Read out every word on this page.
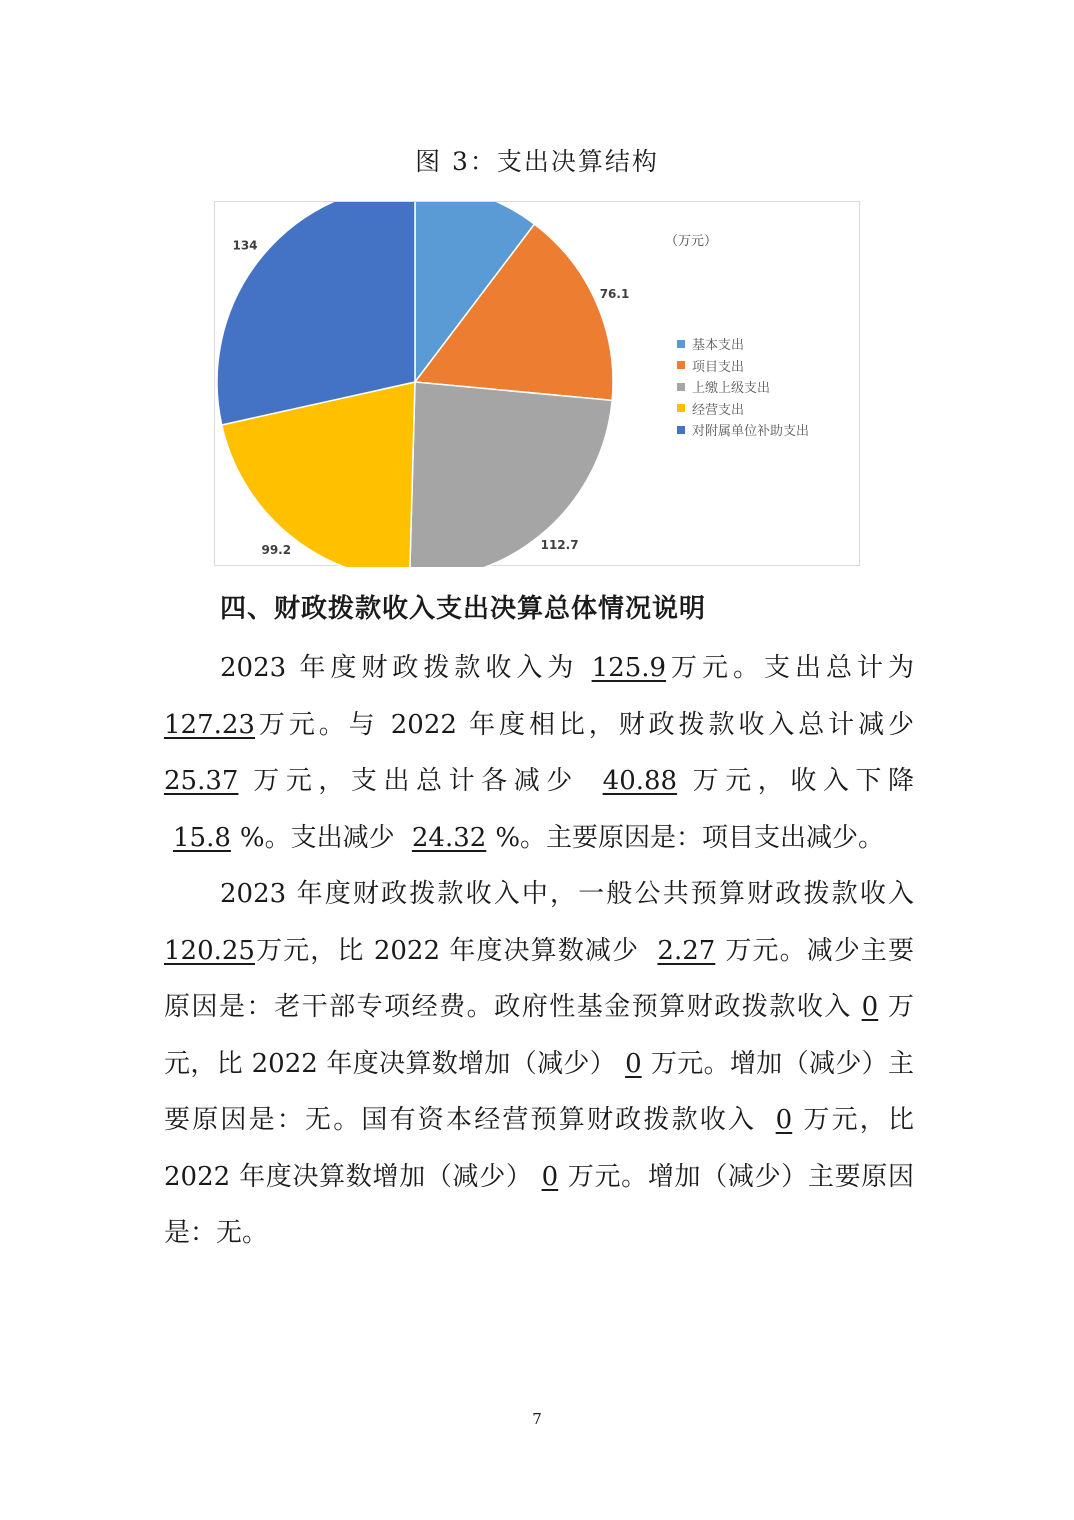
图 3：支出决算结构
76.1
112.7
99.2
134	（万元）
基本支出
项目支出
上缴上级支出
经营支出
对附属单位补助支出
四、财政拨款收入支出决算总体情况说明

2023 年度财政拨款收入为 125.9万元。支出总计为 127.23万元。与 2022 年度相比，财政拨款收入总计减少 25.37 万元，支出总计各减少 40.88 万元，收入下降 15.8 %。支出减少 24.32 %。主要原因是：项目支出减少。

2023 年度财政拨款收入中，一般公共预算财政拨款收入 120.25万元，比 2022 年度决算数减少 2.27 万元。减少主要原因是：老干部专项经费。政府性基金预算财政拨款收入 0 万元，比 2022 年度决算数增加（减少） 0 万元。增加（减少）主要原因是：无。国有资本经营预算财政拨款收入 0 万元，比 2022 年度决算数增加（减少） 0 万元。增加（减少）主要原因是：无。

7
